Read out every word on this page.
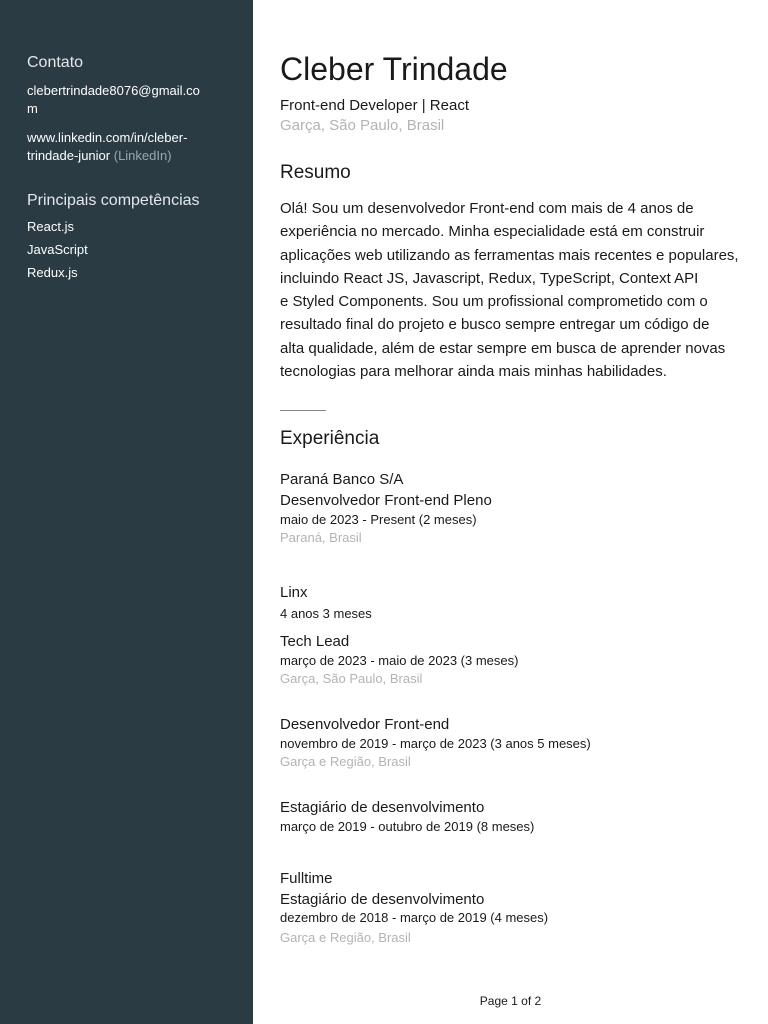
Contato
clebertrindade8076@gmail.co
m
www.linkedin.com/in/cleber-
trindade-junior (LinkedIn)
Principais competências
React.js
JavaScript
Redux.js
Cleber Trindade
Front-end Developer | React
Garça, São Paulo, Brasil
Resumo
Olá! Sou um desenvolvedor Front-end com mais de 4 anos de
experiência no mercado. Minha especialidade está em construir
aplicações web utilizando as ferramentas mais recentes e populares,
incluindo React JS, Javascript, Redux, TypeScript, Context API
e Styled Components. Sou um profissional comprometido com o
resultado final do projeto e busco sempre entregar um código de
alta qualidade, além de estar sempre em busca de aprender novas
tecnologias para melhorar ainda mais minhas habilidades.
Experiência
Paraná Banco S/A
Desenvolvedor Front-end Pleno
maio de 2023 - Present (2 meses)
Paraná, Brasil
Linx
4 anos 3 meses
Tech Lead
março de 2023 - maio de 2023 (3 meses)
Garça, São Paulo, Brasil
Desenvolvedor Front-end
novembro de 2019 - março de 2023 (3 anos 5 meses)
Garça e Região, Brasil
Estagiário de desenvolvimento
março de 2019 - outubro de 2019 (8 meses)
Fulltime
Estagiário de desenvolvimento
dezembro de 2018 - março de 2019 (4 meses)
Garça e Região, Brasil
Page 1 of 2
